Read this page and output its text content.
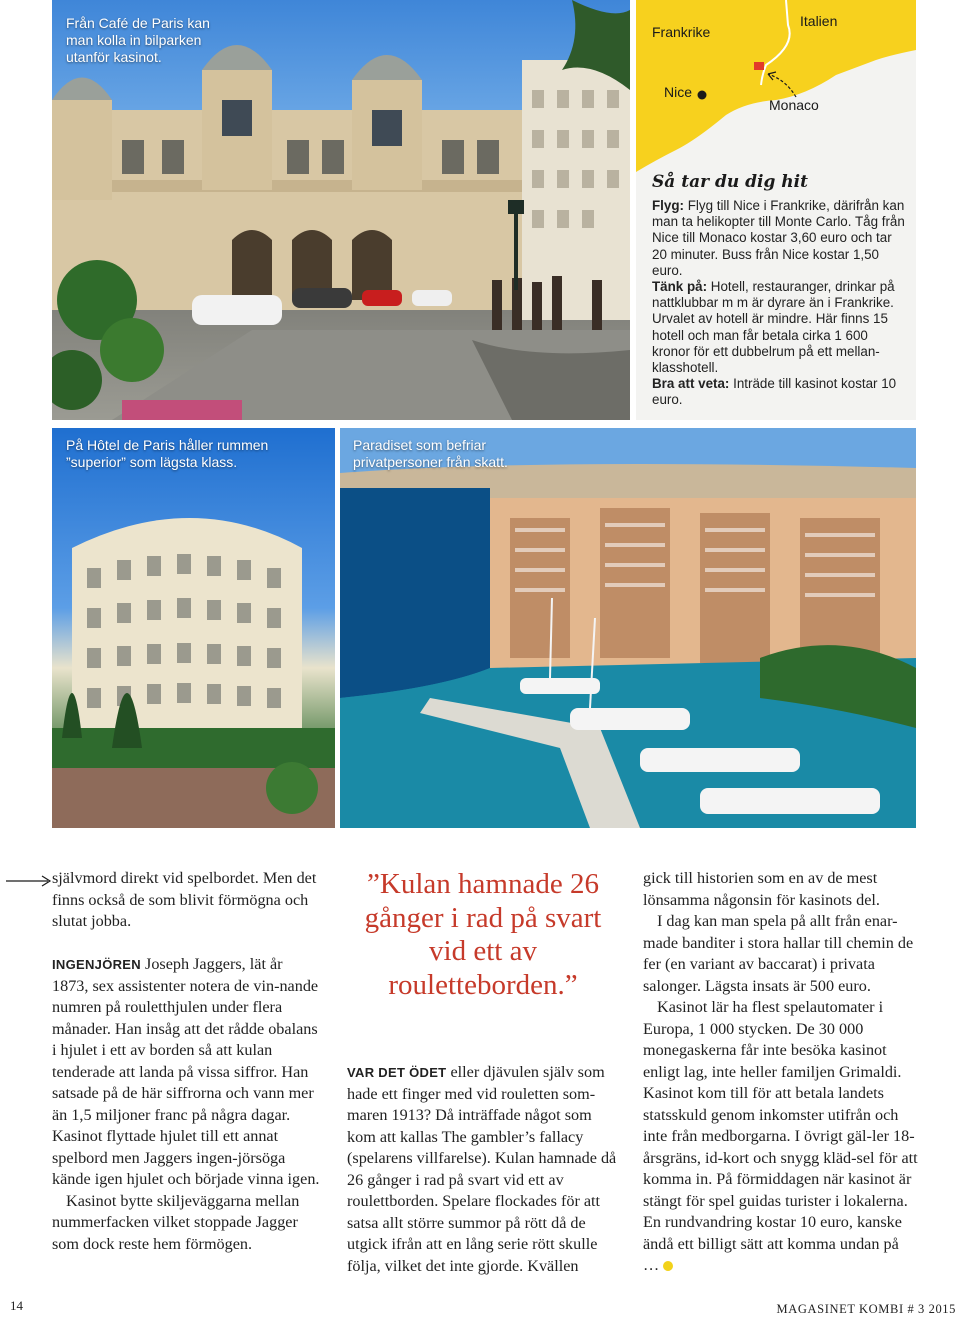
Från Café de Paris kan man kolla in bilparken utanför kasinot.
Frankrike
Italien
Nice
Monaco
Så tar du dig hit

Flyg: Flyg till Nice i Frankrike, därifrån kan man ta helikopter till Monte Carlo. Tåg från Nice till Monaco kostar 3,60 euro och tar 20 minuter. Buss från Nice kostar 1,50 euro.

Tänk på: Hotell, restauranger, drinkar på nattklubbar m m är dyrare än i Frankrike. Urvalet av hotell är mindre. Här finns 15 hotell och man får betala cirka 1 600 kronor för ett dubbelrum på ett mellan-klasshotell.

Bra att veta: Inträde till kasinot kostar 10 euro.

På Hôtel de Paris håller rummen ”superior” som lägsta klass.
Paradiset som befriar privatpersoner från skatt.

självmord direkt vid spelbordet. Men det finns också de som blivit förmögna och slutat jobba.

INGENJÖREN Joseph Jaggers, lät år 1873, sex assistenter notera de vin-nande numren på rouletthjulen under flera månader. Han insåg att det rådde obalans i hjulet i ett av borden så att kulan tenderade att landa på vissa siffror. Han satsade på de här siffrorna och vann mer än 1,5 miljoner franc på några dagar. Kasinot flyttade hjulet till ett annat spelbord men Jaggers ingen-jörsöga kände igen hjulet och började vinna igen.

Kasinot bytte skiljeväggarna mellan nummerfacken vilket stoppade Jagger som dock reste hem förmögen.

”Kulan hamnade 26 gånger i rad på svart vid ett av rouletteborden.”

VAR DET ÖDET eller djävulen själv som hade ett finger med vid rouletten som-maren 1913? Då inträffade något som kom att kallas The gambler’s fallacy (spelarens villfarelse). Kulan hamnade då 26 gånger i rad på svart vid ett av roulettborden. Spelare flockades för att satsa allt större summor på rött då de utgick ifrån att en lång serie rött skulle följa, vilket det inte gjorde. Kvällen

gick till historien som en av de mest lönsamma någonsin för kasinots del.

I dag kan man spela på allt från enar-made banditer i stora hallar till chemin de fer (en variant av baccarat) i privata salonger. Lägsta insats är 500 euro.

Kasinot lär ha flest spelautomater i Europa, 1 000 stycken. De 30 000 monegaskerna får inte besöka kasinot enligt lag, inte heller familjen Grimaldi. Kasinot kom till för att betala landets statsskuld genom inkomster utifrån och inte från medborgarna. I övrigt gäl-ler 18-årsgräns, id-kort och snygg kläd-sel för att komma in. På förmiddagen när kasinot är stängt för spel guidas turister i lokalerna. En rundvandring kostar 10 euro, kanske ändå ett billigt sätt att komma undan på …

14	MAGASINET KOMBI # 3 2015
